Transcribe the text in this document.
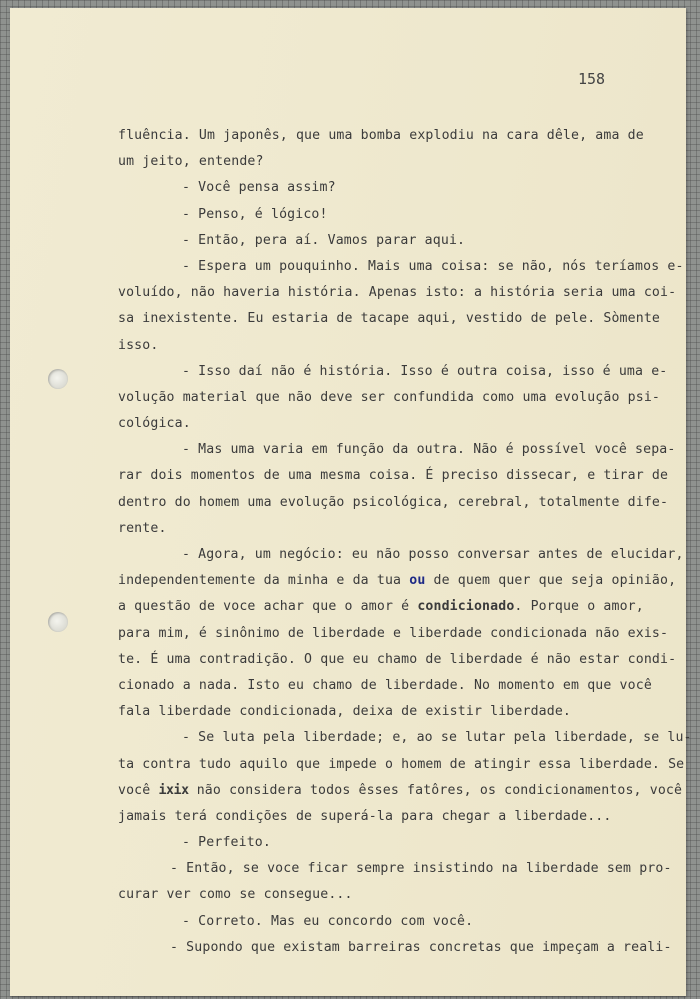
158
fluência. Um japonês, que uma bomba explodiu na cara dêle, ama de
um jeito, entende?
- Você pensa assim?
- Penso, é lógico!
- Então, pera aí. Vamos parar aqui.
- Espera um pouquinho. Mais uma coisa: se não, nós teríamos e-
voluído, não haveria história. Apenas isto: a história seria uma coi-
sa inexistente. Eu estaria de tacape aqui, vestido de pele. Sòmente
isso.
- Isso daí não é história. Isso é outra coisa, isso é uma e-
volução material que não deve ser confundida como uma evolução psi-
cológica.
- Mas uma varia em função da outra. Não é possível você sepa-
rar dois momentos de uma mesma coisa. É preciso dissecar, e tirar de
dentro do homem uma evolução psicológica, cerebral, totalmente dife-
rente.
- Agora, um negócio: eu não posso conversar antes de elucidar,
independentemente da minha e da tua ou de quem quer que seja opinião,
a questão de voce achar que o amor é condicionado. Porque o amor,
para mim, é sinônimo de liberdade e liberdade condicionada não exis-
te. É uma contradição. O que eu chamo de liberdade é não estar condi-
cionado a nada. Isto eu chamo de liberdade. No momento em que você
fala liberdade condicionada, deixa de existir liberdade.
- Se luta pela liberdade; e, ao se lutar pela liberdade, se lu-
ta contra tudo aquilo que impede o homem de atingir essa liberdade. Se
você ixix não considera todos êsses fatôres, os condicionamentos, você
jamais terá condições de superá-la para chegar a liberdade...
- Perfeito.
- Então, se voce ficar sempre insistindo na liberdade sem pro-
curar ver como se consegue...
- Correto. Mas eu concordo com você.
- Supondo que existam barreiras concretas que impeçam a reali-
